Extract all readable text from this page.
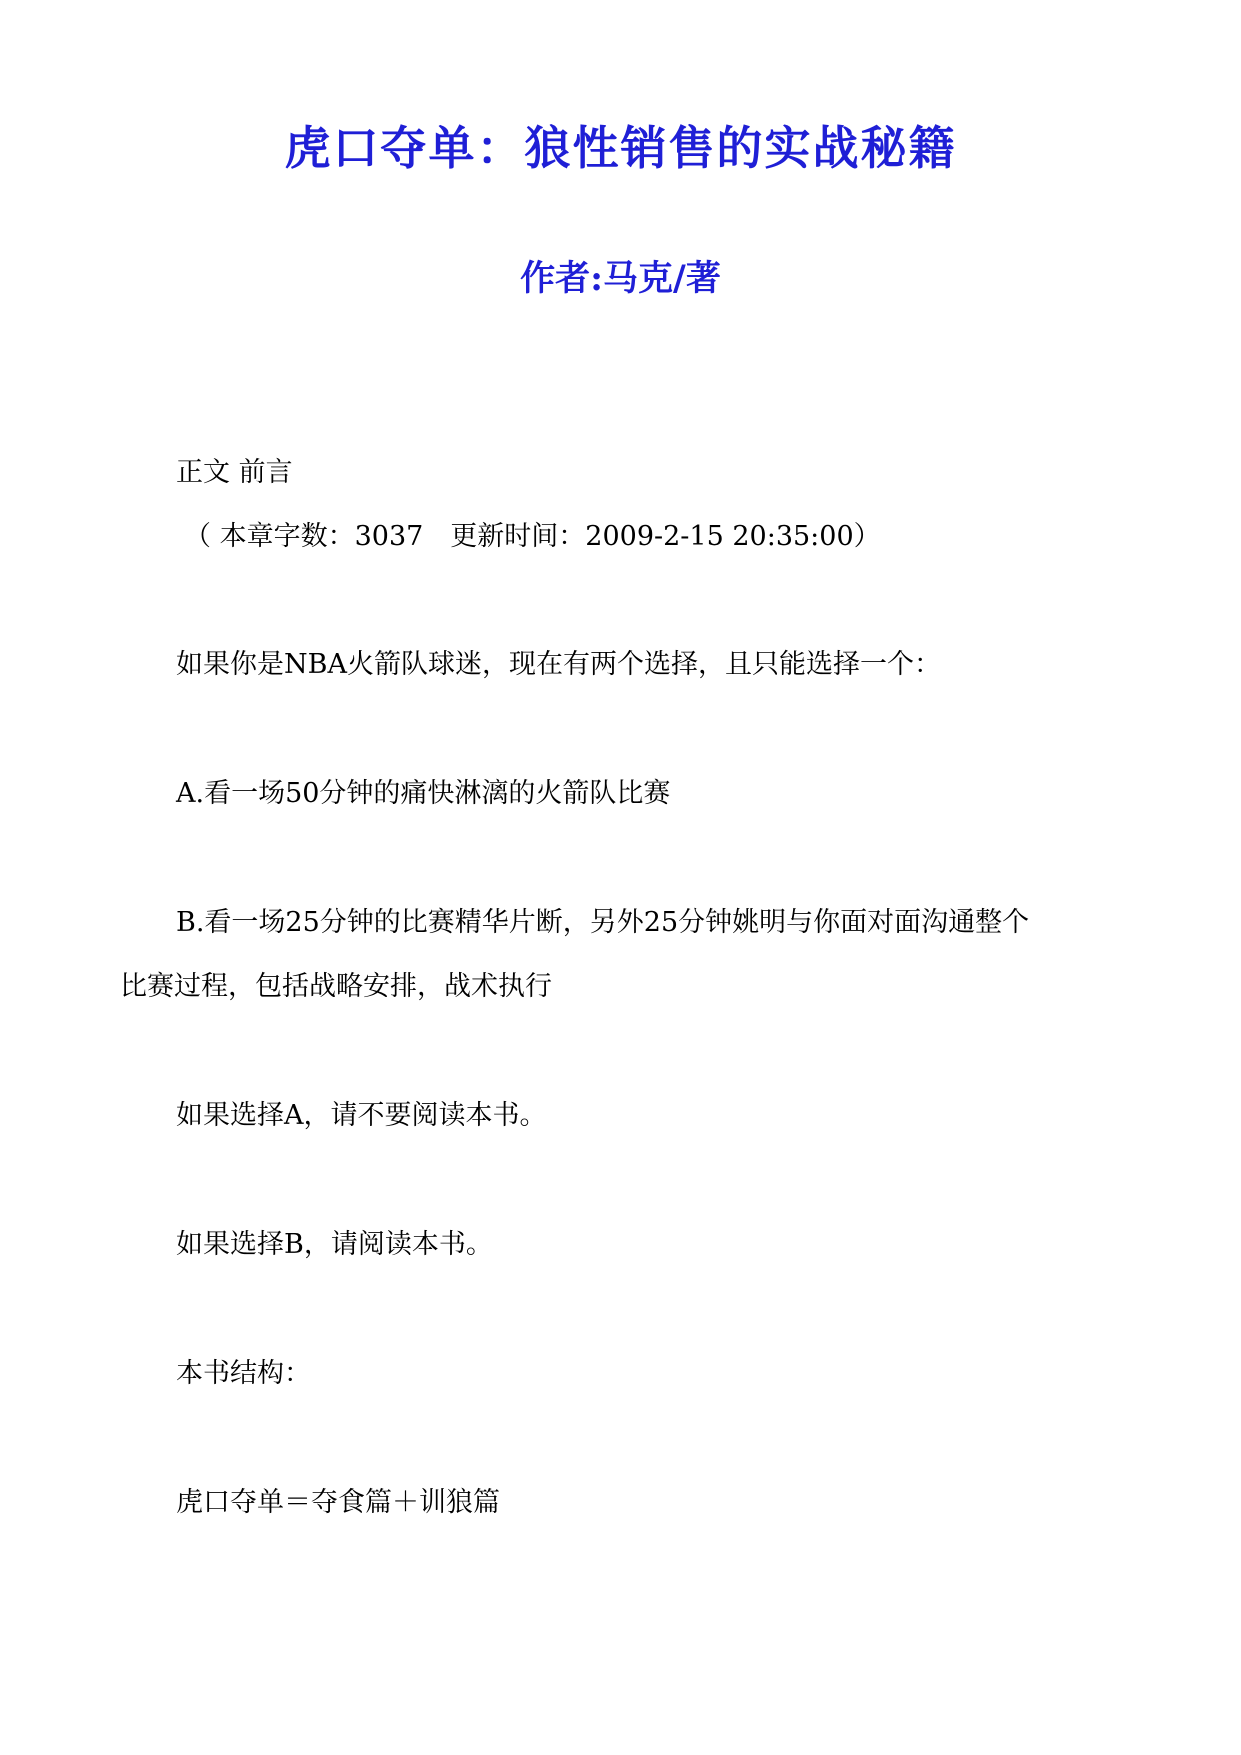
虎口夺单：狼性销售的实战秘籍
作者:马克/著
正文 前言
（ 本章字数：3037　更新时间：2009-2-15 20:35:00）
如果你是NBA火箭队球迷，现在有两个选择，且只能选择一个：
A.看一场50分钟的痛快淋漓的火箭队比赛
B.看一场25分钟的比赛精华片断，另外25分钟姚明与你面对面沟通整个
比赛过程，包括战略安排，战术执行
如果选择A，请不要阅读本书。
如果选择B，请阅读本书。
本书结构：
虎口夺单＝夺食篇＋训狼篇
